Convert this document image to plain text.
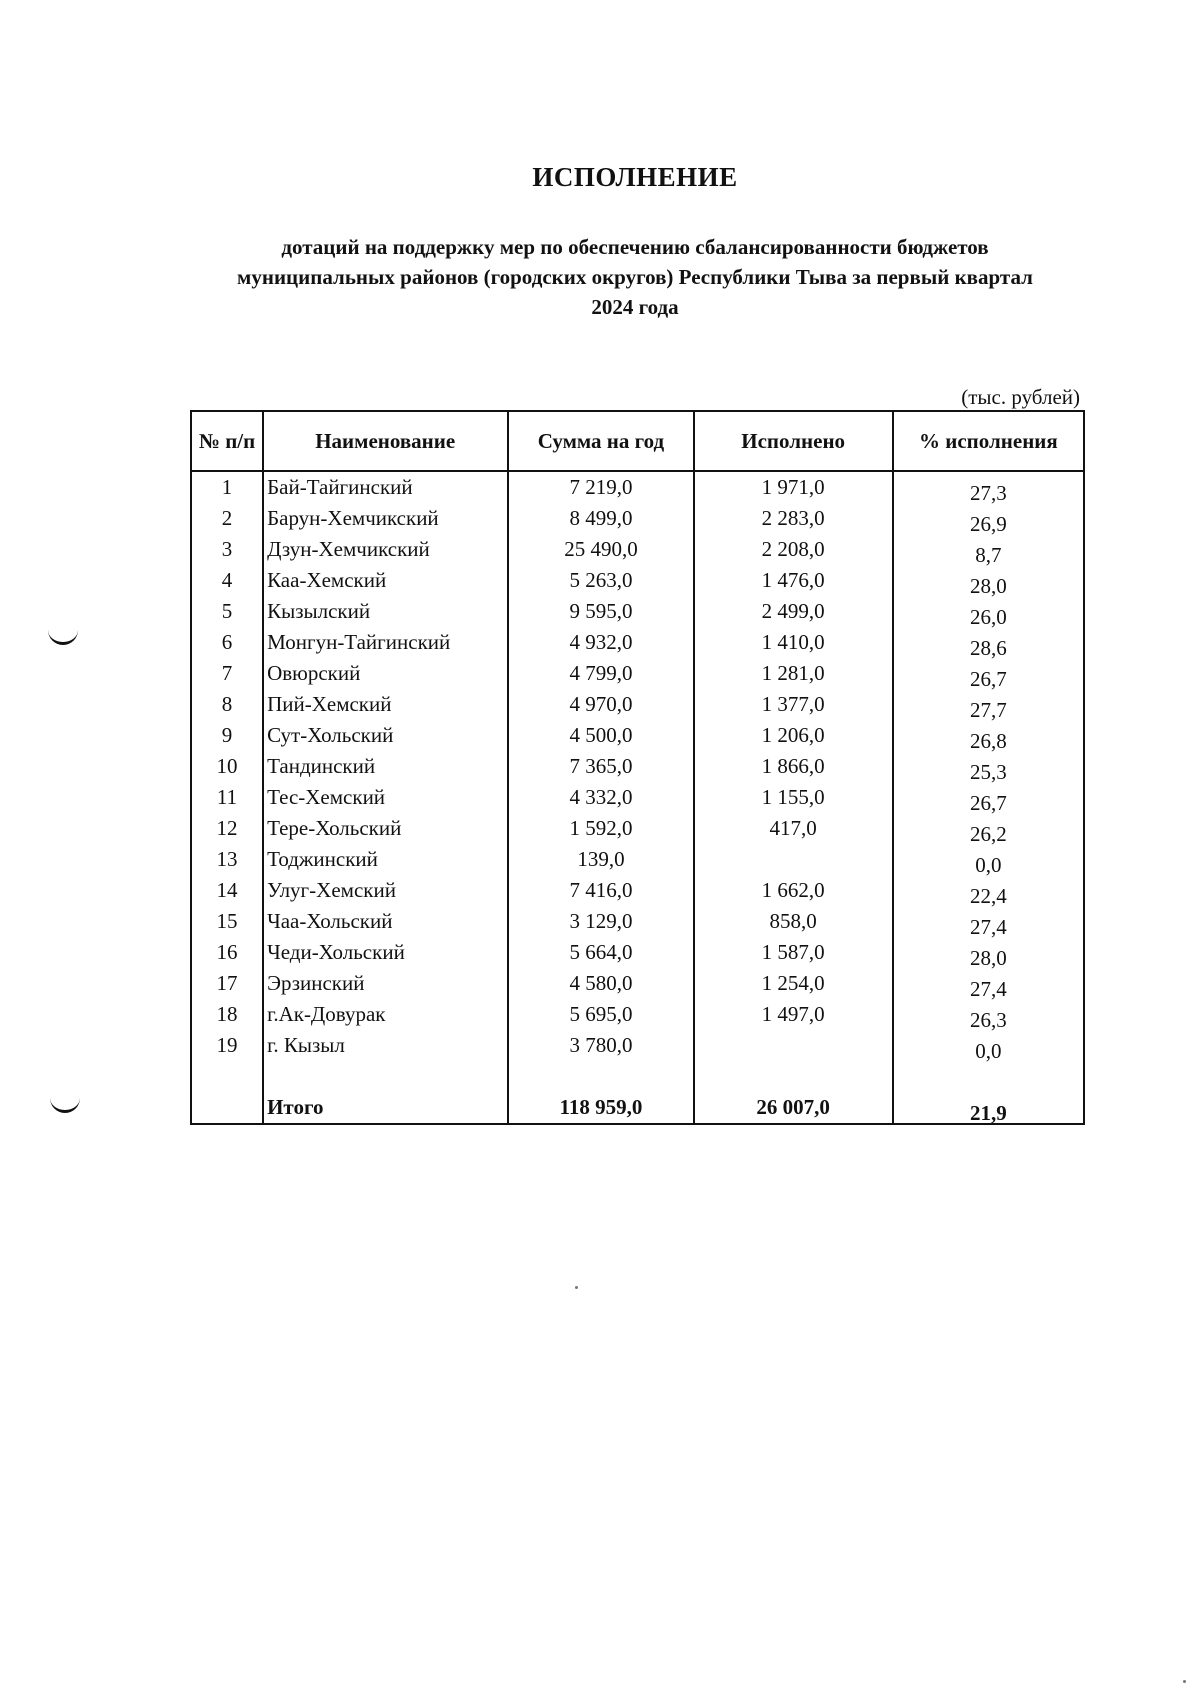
ИСПОЛНЕНИЕ
дотаций на поддержку мер по обеспечению сбалансированности бюджетов муниципальных районов (городских округов) Республики Тыва за первый квартал 2024 года
(тыс. рублей)
№ п/п	Наименование	Сумма на год	Исполнено	% исполнения
1	Бай-Тайгинский	7 219,0	1 971,0	27,3
2	Барун-Хемчикский	8 499,0	2 283,0	26,9
3	Дзун-Хемчикский	25 490,0	2 208,0	8,7
4	Каа-Хемский	5 263,0	1 476,0	28,0
5	Кызылский	9 595,0	2 499,0	26,0
6	Монгун-Тайгинский	4 932,0	1 410,0	28,6
7	Овюрский	4 799,0	1 281,0	26,7
8	Пий-Хемский	4 970,0	1 377,0	27,7
9	Сут-Хольский	4 500,0	1 206,0	26,8
10	Тандинский	7 365,0	1 866,0	25,3
11	Тес-Хемский	4 332,0	1 155,0	26,7
12	Тере-Хольский	1 592,0	417,0	26,2
13	Тоджинский	139,0		0,0
14	Улуг-Хемский	7 416,0	1 662,0	22,4
15	Чаа-Хольский	3 129,0	858,0	27,4
16	Чеди-Хольский	5 664,0	1 587,0	28,0
17	Эрзинский	4 580,0	1 254,0	27,4
18	г.Ак-Довурак	5 695,0	1 497,0	26,3
19	г. Кызыл	3 780,0		0,0

	Итого	118 959,0	26 007,0	21,9
